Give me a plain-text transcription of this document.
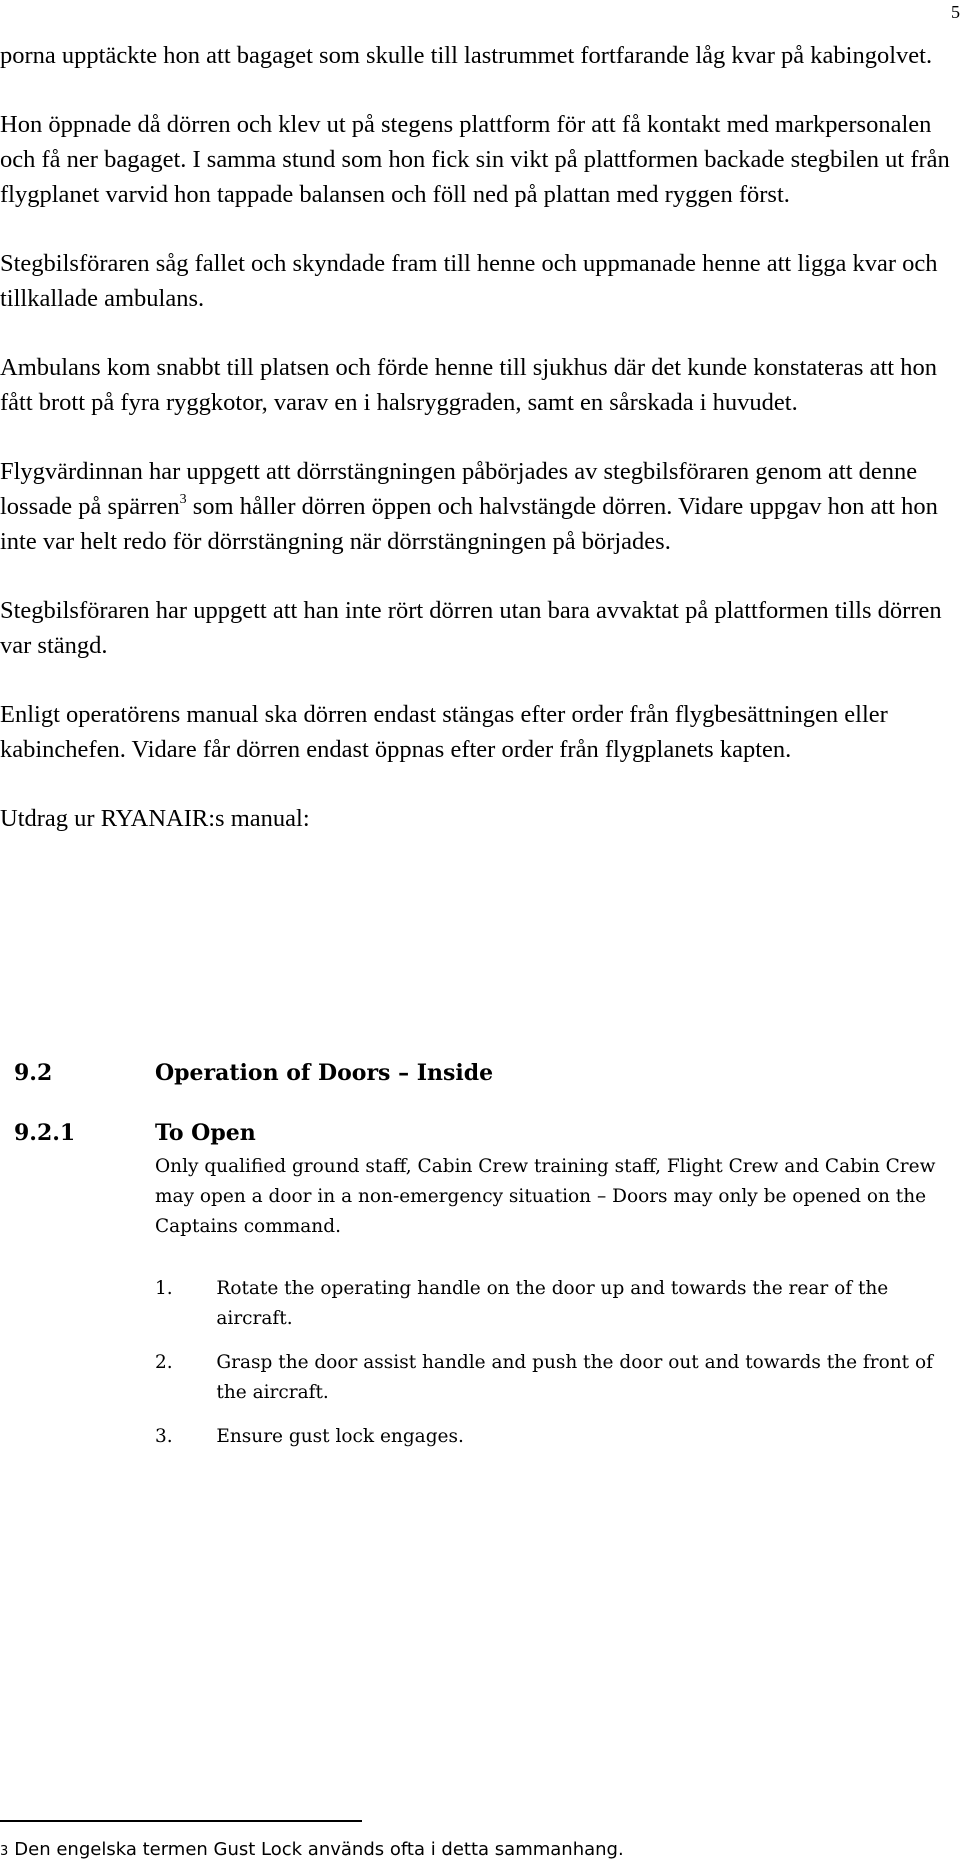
5

porna upptäckte hon att bagaget som skulle till lastrummet fortfarande låg kvar på kabingolvet.

Hon öppnade då dörren och klev ut på stegens plattform för att få kontakt med markpersonalen och få ner bagaget. I samma stund som hon fick sin vikt på plattformen backade stegbilen ut från flygplanet varvid hon tappade balansen och föll ned på plattan med ryggen först.

Stegbilsföraren såg fallet och skyndade fram till henne och uppmanade henne att ligga kvar och tillkallade ambulans.

Ambulans kom snabbt till platsen och förde henne till sjukhus där det kunde konstateras att hon fått brott på fyra ryggkotor, varav en i halsryggraden, samt en sårskada i huvudet.

Flygvärdinnan har uppgett att dörrstängningen påbörjades av stegbilsföraren genom att denne lossade på spärren$^3$ som håller dörren öppen och halvstängde dörren. Vidare uppgav hon att hon inte var helt redo för dörrstängning när dörrstängningen på börjades.

Stegbilsföraren har uppgett att han inte rört dörren utan bara avvaktat på plattformen tills dörren var stängd.

Enligt operatörens manual ska dörren endast stängas efter order från flygbesättningen eller kabinchefen. Vidare får dörren endast öppnas efter order från flygplanets kapten.

Utdrag ur RYANAIR:s manual:

9.2	Operation of Doors – Inside
9.2.1	To Open
Only qualified ground staff, Cabin Crew training staff, Flight Crew and Cabin Crew may open a door in a non-emergency situation – Doors may only be opened on the Captains command.
1.	Rotate the operating handle on the door up and towards the rear of the aircraft.
2.	Grasp the door assist handle and push the door out and towards the front of the aircraft.
3.	Ensure gust lock engages.
3 Den engelska termen Gust Lock används ofta i detta sammanhang.
